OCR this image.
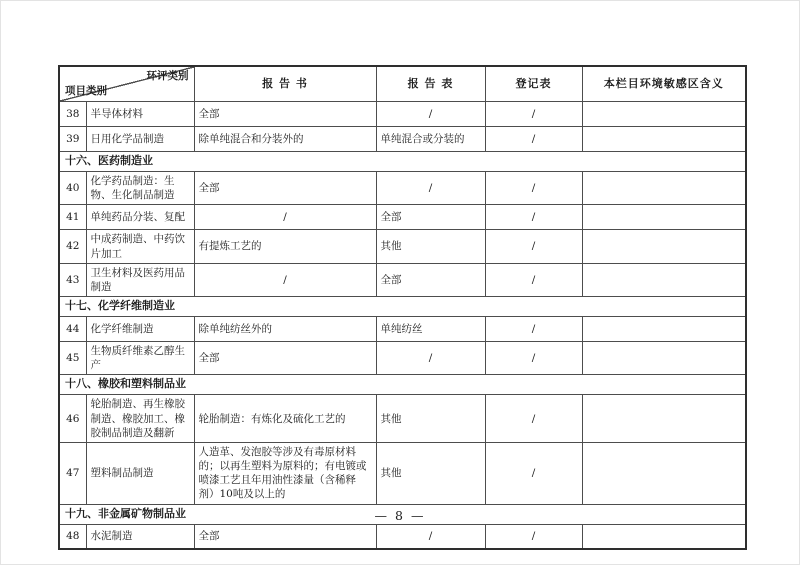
环评类别
项目类别		报 告 书	报 告 表	登记表	本栏目环境敏感区含义
38	半导体材料	全部	/	/	
39	日用化学品制造	除单纯混合和分装外的	单纯混合或分装的	/	
十六、医药制造业					
40	化学药品制造：生物、生化制品制造	全部	/	/	
41	单纯药品分装、复配	/	全部	/	
42	中成药制造、中药饮片加工	有提炼工艺的	其他	/	
43	卫生材料及医药用品制造	/	全部	/	
十七、化学纤维制造业					
44	化学纤维制造	除单纯纺丝外的	单纯纺丝	/	
45	生物质纤维素乙醇生产	全部	/	/	
十八、橡胶和塑料制品业					
46	轮胎制造、再生橡胶制造、橡胶加工、橡胶制品制造及翻新	轮胎制造：有炼化及硫化工艺的	其他	/	
47	塑料制品制造	人造革、发泡胶等涉及有毒原材料的；以再生塑料为原料的；有电镀或喷漆工艺且年用油性漆量（含稀释剂）10吨及以上的	其他	/	
十九、非金属矿物制品业					
48	水泥制造	全部	/	/	
— 8 —
